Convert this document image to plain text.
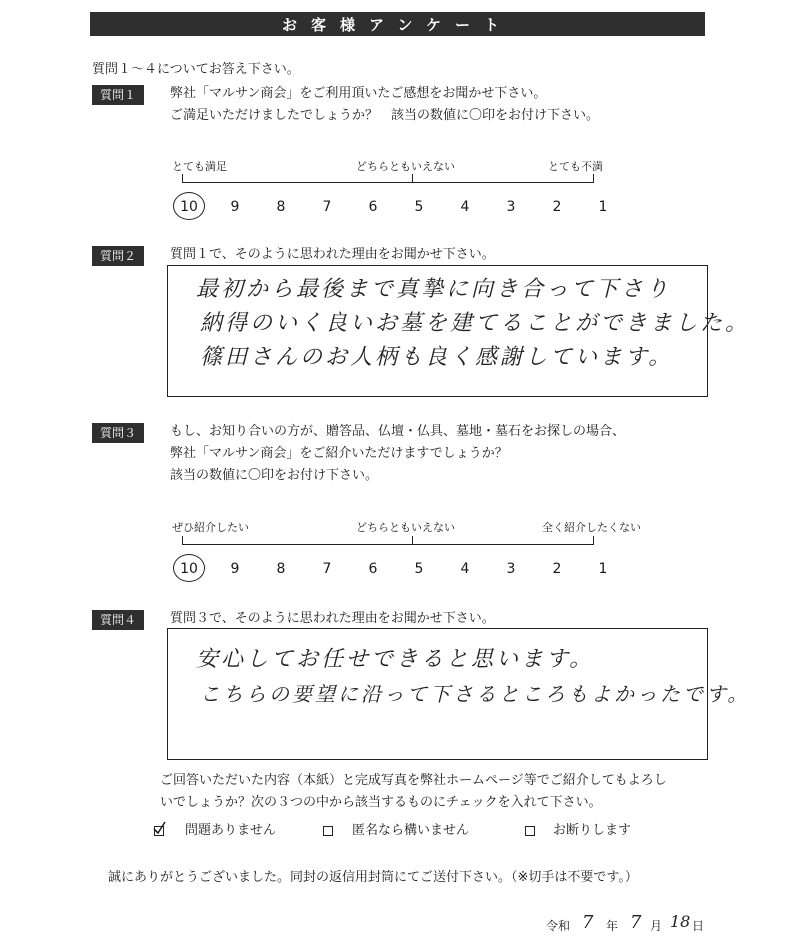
お客様アンケート
質問１～４についてお答え下さい。
質問１	弊社「マルサン商会」をご利用頂いたご感想をお聞かせ下さい。
ご満足いただけましたでしょうか？　該当の数値に〇印をお付け下さい。
とても満足	どちらともいえない	とても不満
10	9	8	7	6	5	4	3	2	1
質問２	質問１で、そのように思われた理由をお聞かせ下さい。
最初から最後まで真摯に向き合って下さり
納得のいく良いお墓を建てることができました。
篠田さんのお人柄も良く感謝しています。
質問３	もし、お知り合いの方が、贈答品、仏壇・仏具、墓地・墓石をお探しの場合、
弊社「マルサン商会」をご紹介いただけますでしょうか？
該当の数値に〇印をお付け下さい。
ぜひ紹介したい	どちらともいえない	全く紹介したくない
10	9	8	7	6	5	4	3	2	1
質問４	質問３で、そのように思われた理由をお聞かせ下さい。
安心してお任せできると思います。
こちらの要望に沿って下さるところもよかったです。
ご回答いただいた内容（本紙）と完成写真を弊社ホームページ等でご紹介してもよろし
いでしょうか？次の３つの中から該当するものにチェックを入れて下さい。
問題ありません	匿名なら構いません	お断りします
誠にありがとうございました。同封の返信用封筒にてご送付下さい。（※切手は不要です。）
令和 7 年 7 月 18 日
